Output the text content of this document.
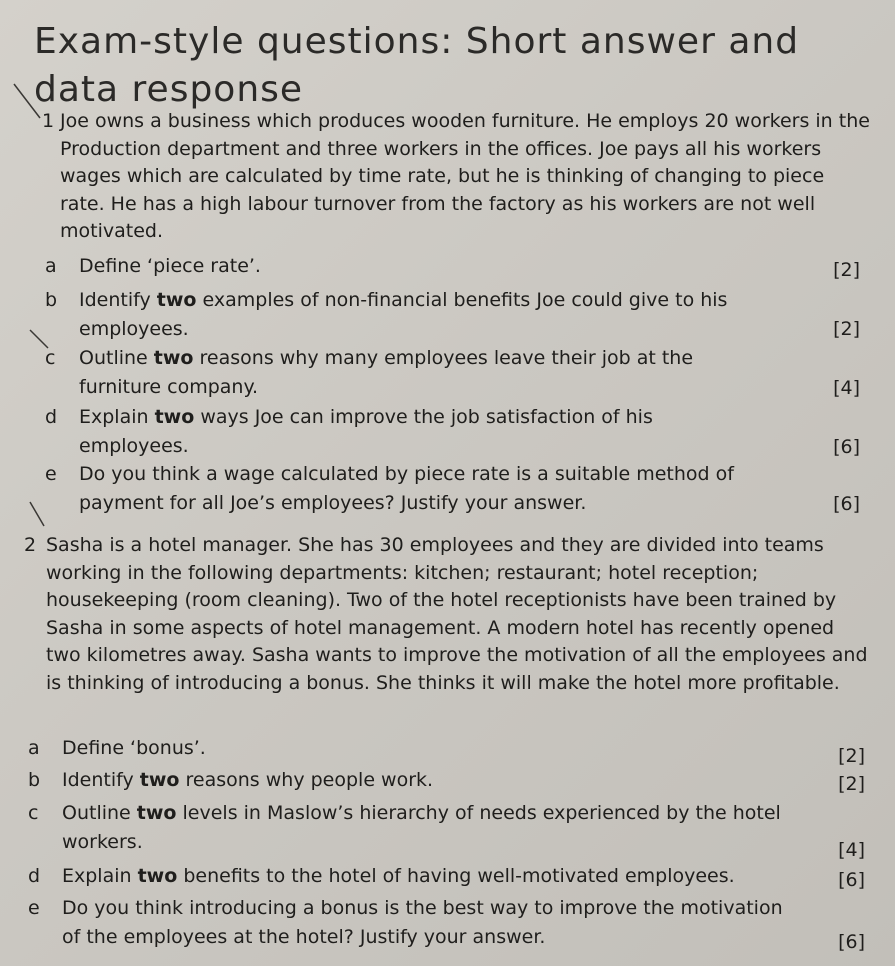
Exam-style questions: Short answer and data response
1 Joe owns a business which produces wooden furniture. He employs 20 workers in the Production department and three workers in the offices. Joe pays all his workers wages which are calculated by time rate, but he is thinking of changing to piece rate. He has a high labour turnover from the factory as his workers are not well motivated.
a Define ‘piece rate’.	[2]
b Identify two examples of non-financial benefits Joe could give to his employees.	[2]
c Outline two reasons why many employees leave their job at the furniture company.	[4]
d Explain two ways Joe can improve the job satisfaction of his employees.	[6]
e Do you think a wage calculated by piece rate is a suitable method of payment for all Joe’s employees? Justify your answer.	[6]
2 Sasha is a hotel manager. She has 30 employees and they are divided into teams working in the following departments: kitchen; restaurant; hotel reception; housekeeping (room cleaning). Two of the hotel receptionists have been trained by Sasha in some aspects of hotel management. A modern hotel has recently opened two kilometres away. Sasha wants to improve the motivation of all the employees and is thinking of introducing a bonus. She thinks it will make the hotel more profitable.
a Define ‘bonus’.	[2]
b Identify two reasons why people work.	[2]
c Outline two levels in Maslow’s hierarchy of needs experienced by the hotel workers.	[4]
d Explain two benefits to the hotel of having well-motivated employees.	[6]
e Do you think introducing a bonus is the best way to improve the motivation of the employees at the hotel? Justify your answer.	[6]
